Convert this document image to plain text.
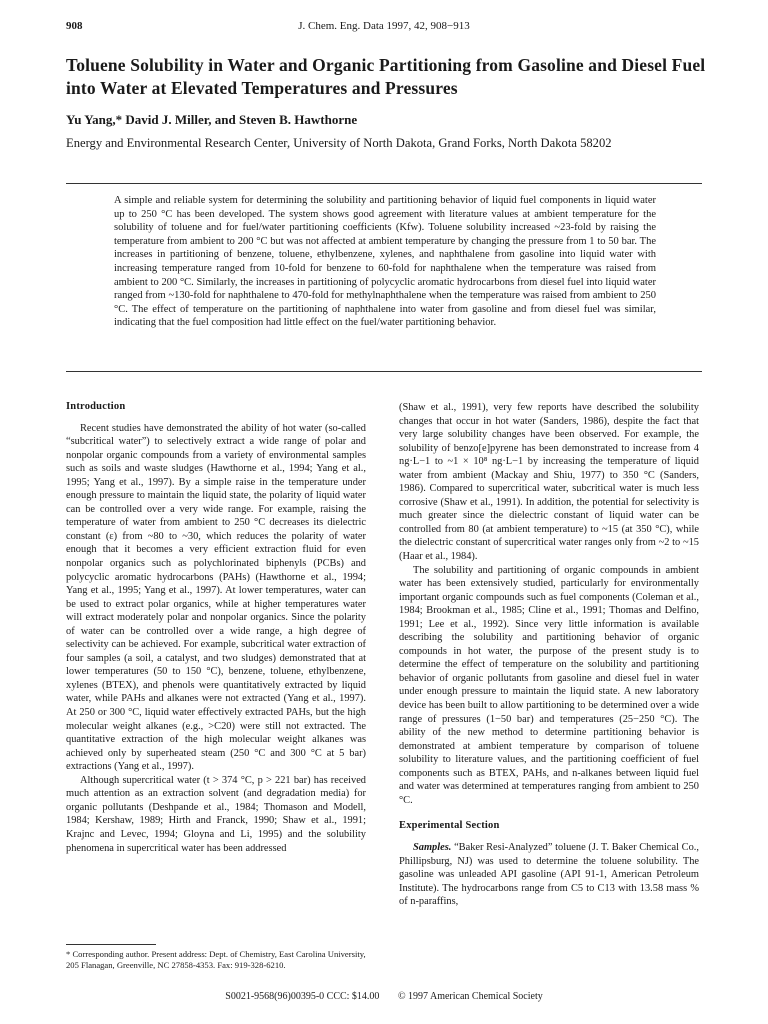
908	J. Chem. Eng. Data 1997, 42, 908−913
Toluene Solubility in Water and Organic Partitioning from Gasoline and Diesel Fuel into Water at Elevated Temperatures and Pressures
Yu Yang,* David J. Miller, and Steven B. Hawthorne
Energy and Environmental Research Center, University of North Dakota, Grand Forks, North Dakota 58202
A simple and reliable system for determining the solubility and partitioning behavior of liquid fuel components in liquid water up to 250 °C has been developed. The system shows good agreement with literature values at ambient temperature for the solubility of toluene and for fuel/water partitioning coefficients (Kfw). Toluene solubility increased ~23-fold by raising the temperature from ambient to 200 °C but was not affected at ambient temperature by changing the pressure from 1 to 50 bar. The increases in partitioning of benzene, toluene, ethylbenzene, xylenes, and naphthalene from gasoline into liquid water with increasing temperature ranged from 10-fold for benzene to 60-fold for naphthalene when the temperature was raised from ambient to 200 °C. Similarly, the increases in partitioning of polycyclic aromatic hydrocarbons from diesel fuel into liquid water ranged from ~130-fold for naphthalene to 470-fold for methylnaphthalene when the temperature was raised from ambient to 250 °C. The effect of temperature on the partitioning of naphthalene into water from gasoline and from diesel fuel was similar, indicating that the fuel composition had little effect on the fuel/water partitioning behavior.
Introduction

Recent studies have demonstrated the ability of hot water (so-called “subcritical water”) to selectively extract a wide range of polar and nonpolar organic compounds from a variety of environmental samples such as soils and waste sludges (Hawthorne et al., 1994; Yang et al., 1995; Yang et al., 1997). By a simple raise in the temperature under enough pressure to maintain the liquid state, the polarity of liquid water can be controlled over a very wide range. For example, raising the temperature of water from ambient to 250 °C decreases its dielectric constant (ε) from ~80 to ~30, which reduces the polarity of water enough that it becomes a very efficient extraction fluid for even nonpolar organics such as polychlorinated biphenyls (PCBs) and polycyclic aromatic hydrocarbons (PAHs) (Hawthorne et al., 1994; Yang et al., 1995; Yang et al., 1997). At lower temperatures, water can be used to extract polar organics, while at higher temperatures water will extract moderately polar and nonpolar organics. Since the polarity of water can be controlled over a wide range, a high degree of selectivity can be achieved. For example, subcritical water extraction of four samples (a soil, a catalyst, and two sludges) demonstrated that at lower temperatures (50 to 150 °C), benzene, toluene, ethylbenzene, xylenes (BTEX), and phenols were quantitatively extracted by liquid water, while PAHs and alkanes were not extracted (Yang et al., 1997). At 250 or 300 °C, liquid water effectively extracted PAHs, but the high molecular weight alkanes (e.g., >C20) were still not extracted. The quantitative extraction of the high molecular weight alkanes was achieved only by superheated steam (250 °C and 300 °C at 5 bar) extractions (Yang et al., 1997).

Although supercritical water (t > 374 °C, p > 221 bar) has received much attention as an extraction solvent (and degradation media) for organic pollutants (Deshpande et al., 1984; Thomason and Modell, 1984; Kershaw, 1989; Hirth and Franck, 1990; Shaw et al., 1991; Krajnc and Levec, 1994; Gloyna and Li, 1995) and the solubility phenomena in supercritical water has been addressed

(Shaw et al., 1991), very few reports have described the solubility changes that occur in hot water (Sanders, 1986), despite the fact that very large solubility changes have been observed. For example, the solubility of benzo[e]pyrene has been demonstrated to increase from 4 ng·L−1 to ~1 × 10⁸ ng·L−1 by increasing the temperature of liquid water from ambient (Mackay and Shiu, 1977) to 350 °C (Sanders, 1986). Compared to supercritical water, subcritical water is much less corrosive (Shaw et al., 1991). In addition, the potential for selectivity is much greater since the dielectric constant of liquid water can be controlled from 80 (at ambient temperature) to ~15 (at 350 °C), while the dielectric constant of supercritical water ranges only from ~2 to ~15 (Haar et al., 1984).

The solubility and partitioning of organic compounds in ambient water has been extensively studied, particularly for environmentally important organic compounds such as fuel components (Coleman et al., 1984; Brookman et al., 1985; Cline et al., 1991; Thomas and Delfino, 1991; Lee et al., 1992). Since very little information is available describing the solubility and partitioning behavior of organic compounds in hot water, the purpose of the present study is to determine the effect of temperature on the solubility and partitioning behavior of organic pollutants from gasoline and diesel fuel in water under enough pressure to maintain the liquid state. A new laboratory device has been built to allow partitioning to be determined over a wide range of pressures (1−50 bar) and temperatures (25−250 °C). The ability of the new method to determine partitioning behavior is demonstrated at ambient temperature by comparison of toluene solubility to literature values, and the partitioning coefficient of fuel components such as BTEX, PAHs, and n-alkanes between liquid fuel and water was determined at temperatures ranging from ambient to 250 °C.

Experimental Section

Samples. “Baker Resi-Analyzed” toluene (J. T. Baker Chemical Co., Phillipsburg, NJ) was used to determine the toluene solubility. The gasoline was unleaded API gasoline (API 91-1, American Petroleum Institute). The hydrocarbons range from C5 to C13 with 13.58 mass % of n-paraffins,

* Corresponding author. Present address: Dept. of Chemistry, East Carolina University, 205 Flanagan, Greenville, NC 27858-4353. Fax: 919-328-6210.
S0021-9568(96)00395-0 CCC: $14.00 © 1997 American Chemical Society
